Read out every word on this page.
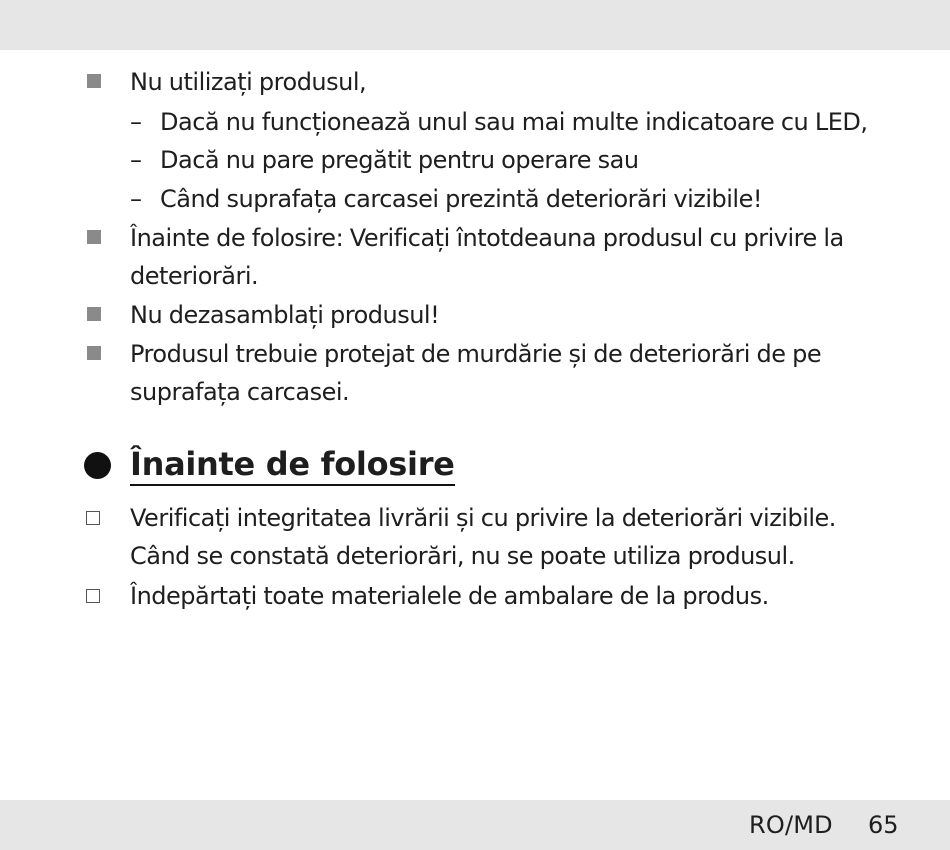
Nu utilizați produsul,
– Dacă nu funcționează unul sau mai multe indicatoare cu LED,
– Dacă nu pare pregătit pentru operare sau
– Când suprafața carcasei prezintă deteriorări vizibile!
Înainte de folosire: Verificați întotdeauna produsul cu privire la
deteriorări.
Nu dezasamblați produsul!
Produsul trebuie protejat de murdărie și de deteriorări de pe
suprafața carcasei.
Înainte de folosire
Verificați integritatea livrării și cu privire la deteriorări vizibile.
Când se constată deteriorări, nu se poate utiliza produsul.
Îndepărtați toate materialele de ambalare de la produs.
RO/MD 65
